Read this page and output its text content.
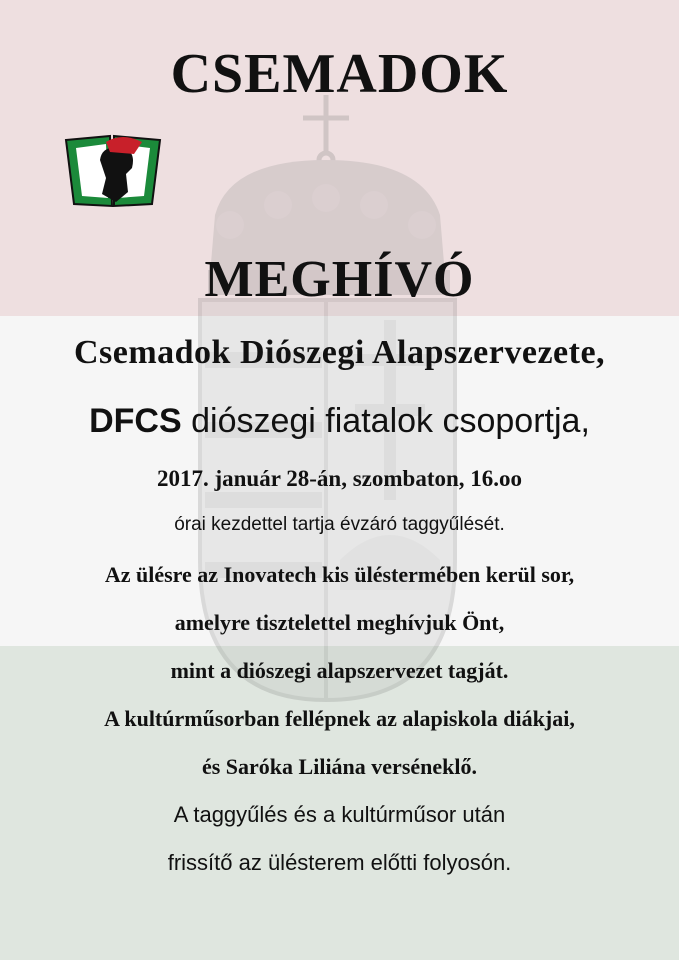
CSEMADOK
MEGHÍVÓ
Csemadok Diószegi Alapszervezete,
DFCS diószegi fiatalok csoportja,
2017. január 28-án, szombaton, 16.oo
órai kezdettel tartja évzáró taggyűlését.
Az ülésre az Inovatech kis üléstermében kerül sor,
amelyre tisztelettel meghívjuk Önt,
mint a diószegi alapszervezet tagját.
A kultúrműsorban fellépnek az alapiskola diákjai,
és Saróka Liliána verséneklő.
A taggyűlés és a kultúrműsor után
frissítő az ülésterem előtti folyosón.
